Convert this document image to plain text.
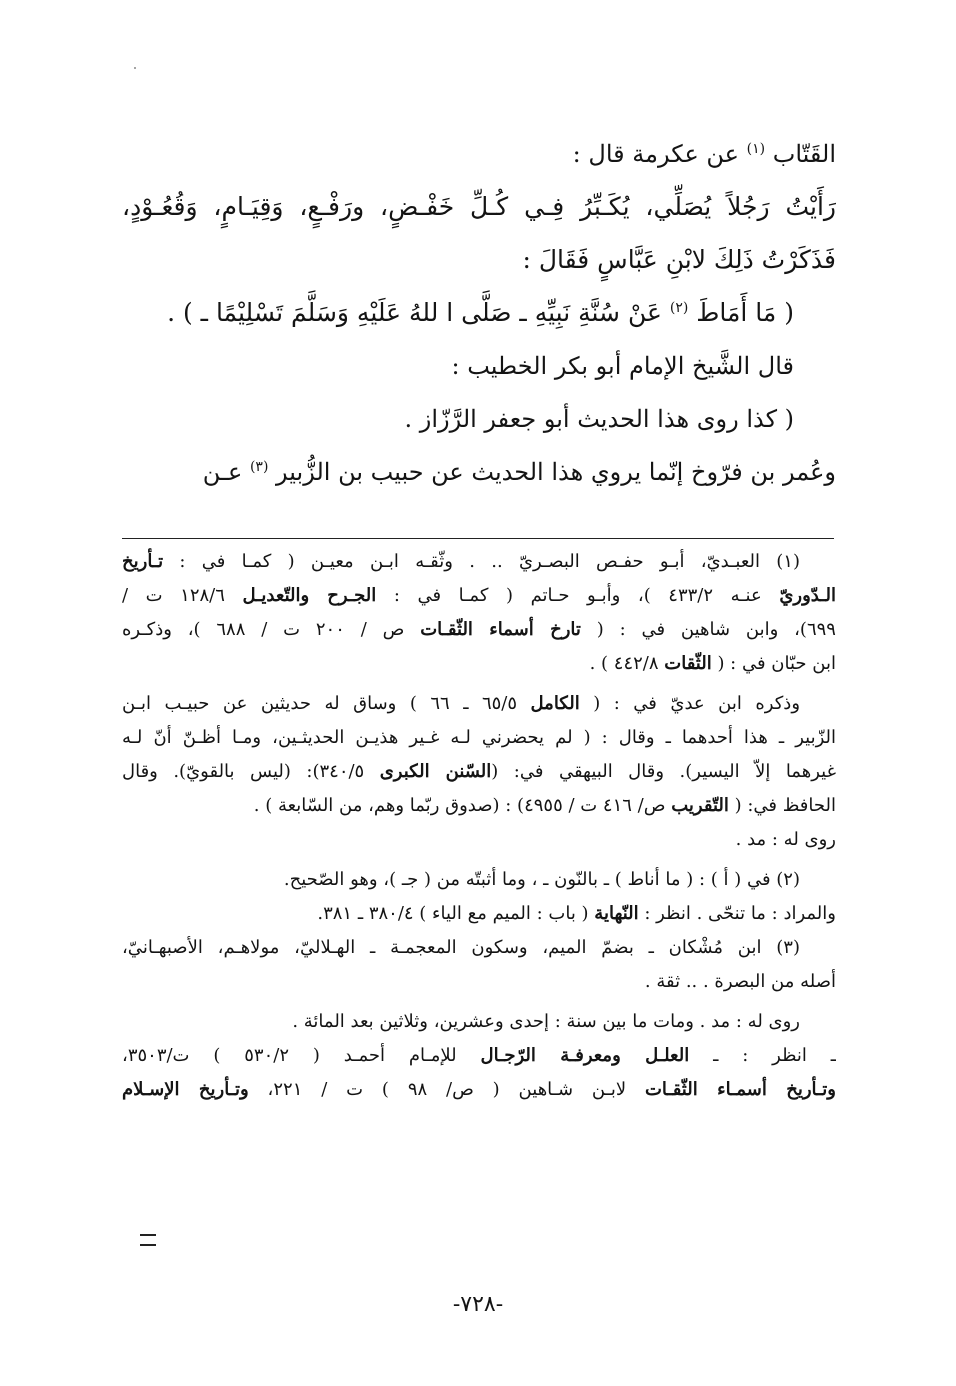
القَتّاب $^{(١)}$ عن عكرمة قال :
رَأَيْتُ رَجُلاً يُصَلِّي، يُكَـبِّرُ فِـي كُـلِّ خَفْـضٍ، ورَفْـعٍ، وَقِيَـامٍ، وَقُعُـوْدٍ،
فَذَكَرْتُ ذَلِكَ لابْنِ عَبَّاسٍ فَقَالَ :
( مَا أَمَاطَ $^{(٢)}$ عَنْ سُنَّةِ نَبِيِّهِ ـ صَلَّى ا للهُ عَلَيْهِ وَسَلَّمَ تَسْلِيْمًا ـ ) .
قال الشَّيخ الإمام أبو بكر الخطيب :
( كذا روى هذا الحديث أبو جعفر الرَّزّاز .
وعُمر بن فرّوخ إنّما يروي هذا الحديث عن حبيب بن الزُّبير $^{(٣)}$ عـن
(١) العبـديّ، أبـو حفـص البصـريّ .. . وثّقـه ابـن معيـن ( كمـا في : تـأريخ
الـدّوريّ عنـه ٤٣٣/٢ )، وأبـو حـاتم ( كمـا في : الجـرح والتّعديـل ١٢٨/٦ ت /
٦٩٩)، وابن شاهين في : ( تارخ أسماء الثّقـات ص / ٢٠٠ ت / ٦٨٨ )، وذكـره
ابن حبّان في : ( الثّقات ٤٤٢/٨ ) .
وذكره ابن عديّ في : ( الكامل ٦٥/٥ ـ ٦٦ ) وساق له حديثين عن حبيـب ابـن
الزّبير ـ هذا أحدهما ـ وقال : ( لم يحضرني لـه غـير هذيـن الحديثـين، ومـا أظـنّ أنّ لـه
غيرهما إلاّ اليسير). وقال البيهقي في: (السّنن الكبرى ٣٤٠/٥): (ليس بالقويّ). وقال
الحافظ في: ( التّقريب ص/ ٤١٦ ت / ٤٩٥٥) : (صدوق ربّما وهم، من السّابعة ) .
روى له : مد .
(٢) في ( أ ) : ( ما أناط ) ـ بالنّون ـ ، وما أثبتّه من ( جـ )، وهو الصّحيح.
والمراد : ما تنحّى . انظر : النّهاية ( باب : الميم مع الياء ) ٣٨٠/٤ ـ ٣٨١.
(٣) ابن مُشْكان ـ بضمّ الميم، وسكون المعجمـة ـ الهـلاليّ، مولاهـم، الأصبهـانيّ،
أصله من البصرة . .. ثقة .
روى له : مد . ومات ما بين سنة : إحدى وعشرين، وثلاثين بعد المائة .
ـ انظر : ـ العلـل ومعرفـة الرّجـال للإمـام أحمـد ( ٥٣٠/٢ ) ت/٣٥٠٣،
وتـأريخ أسمـاء الثّقـات لابـن شـاهين ( ص/ ٩٨ ) ت / ٢٢١، وتـأريخ الإسـلام
-٧٢٨-
